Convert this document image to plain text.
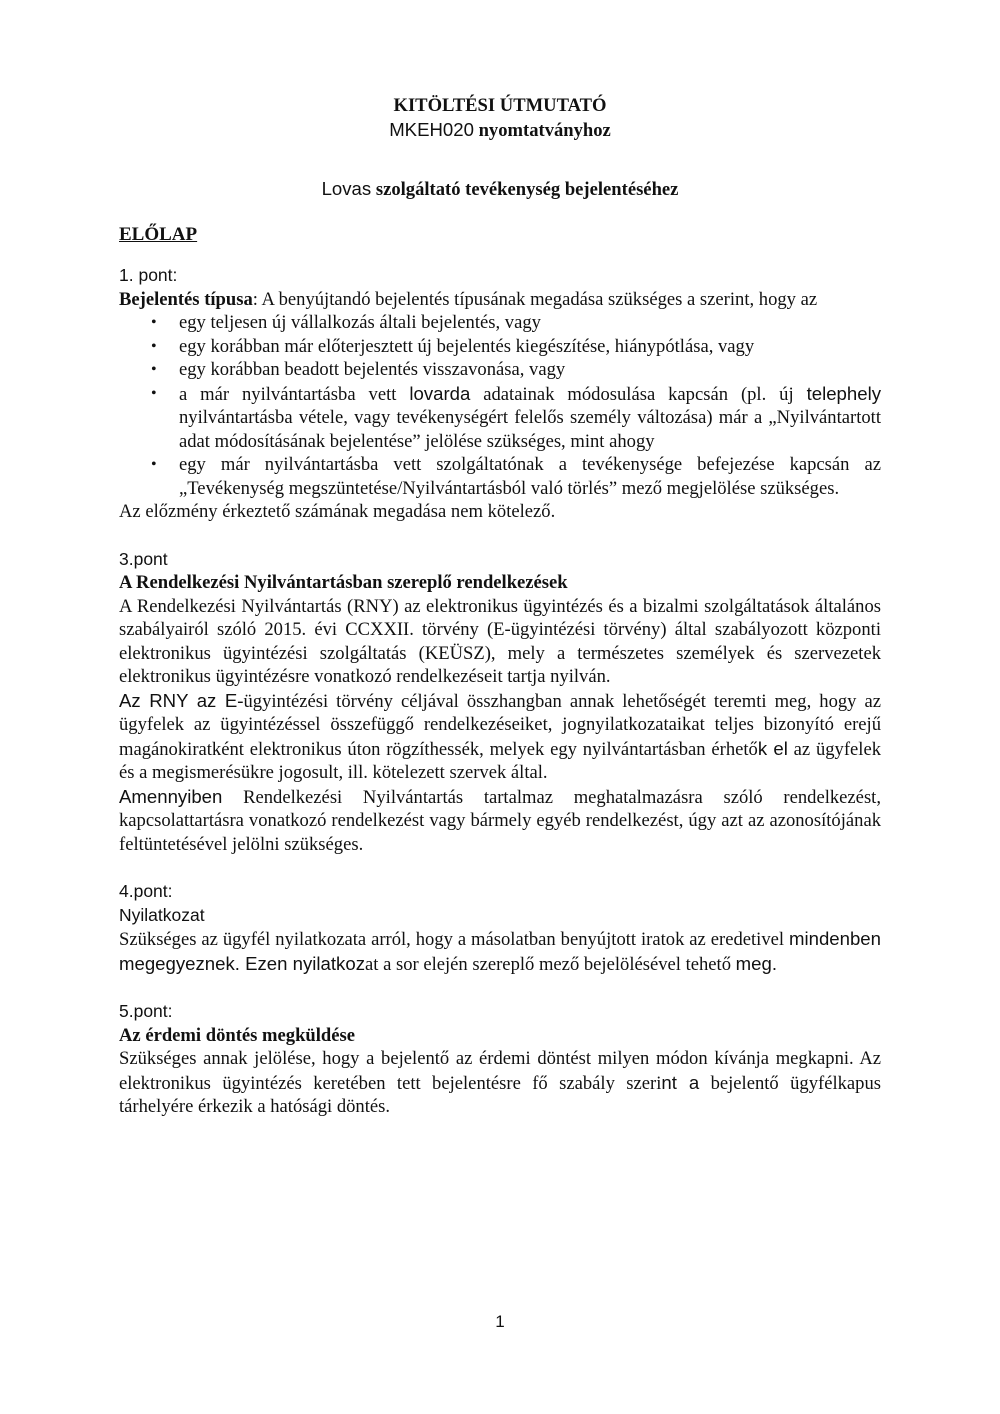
KITÖLTÉSI ÚTMUTATÓ

MKEH020 nyomtatványhoz

Lovas szolgáltató tevékenység bejelentéséhez

ELŐLAP

1. pont:

Bejelentés típusa: A benyújtandó bejelentés típusának megadása szükséges a szerint, hogy az

• egy teljesen új vállalkozás általi bejelentés, vagy
• egy korábban már előterjesztett új bejelentés kiegészítése, hiánypótlása, vagy
• egy korábban beadott bejelentés visszavonása, vagy
• a már nyilvántartásba vett lovarda adatainak módosulása kapcsán (pl. új telephely nyilvántartásba vétele, vagy tevékenységért felelős személy változása) már a „Nyilvántartott adat módosításának bejelentése” jelölése szükséges, mint ahogy
• egy már nyilvántartásba vett szolgáltatónak a tevékenysége befejezése kapcsán az „Tevékenység megszüntetése/Nyilvántartásból való törlés” mező megjelölése szükséges.

Az előzmény érkeztető számának megadása nem kötelező.

3.pont

A Rendelkezési Nyilvántartásban szereplő rendelkezések

A Rendelkezési Nyilvántartás (RNY) az elektronikus ügyintézés és a bizalmi szolgáltatások általános szabályairól szóló 2015. évi CCXXII. törvény (E-ügyintézési törvény) által szabályozott központi elektronikus ügyintézési szolgáltatás (KEÜSZ), mely a természetes személyek és szervezetek elektronikus ügyintézésre vonatkozó rendelkezéseit tartja nyilván.

Az RNY az E-ügyintézési törvény céljával összhangban annak lehetőségét teremti meg, hogy az ügyfelek az ügyintézéssel összefüggő rendelkezéseiket, jognyilatkozataikat teljes bizonyító erejű magánokiratként elektronikus úton rögzíthessék, melyek egy nyilvántartásban érhetők el az ügyfelek és a megismerésükre jogosult, ill. kötelezett szervek által.

Amennyiben Rendelkezési Nyilvántartás tartalmaz meghatalmazásra szóló rendelkezést, kapcsolattartásra vonatkozó rendelkezést vagy bármely egyéb rendelkezést, úgy azt az azonosítójának feltüntetésével jelölni szükséges.

4.pont:

Nyilatkozat

Szükséges az ügyfél nyilatkozata arról, hogy a másolatban benyújtott iratok az eredetivel mindenben megegyeznek. Ezen nyilatkozat a sor elején szereplő mező bejelölésével tehető meg.

5.pont:

Az érdemi döntés megküldése

Szükséges annak jelölése, hogy a bejelentő az érdemi döntést milyen módon kívánja megkapni. Az elektronikus ügyintézés keretében tett bejelentésre fő szabály szerint a bejelentő ügyfélkapus tárhelyére érkezik a hatósági döntés.

1
